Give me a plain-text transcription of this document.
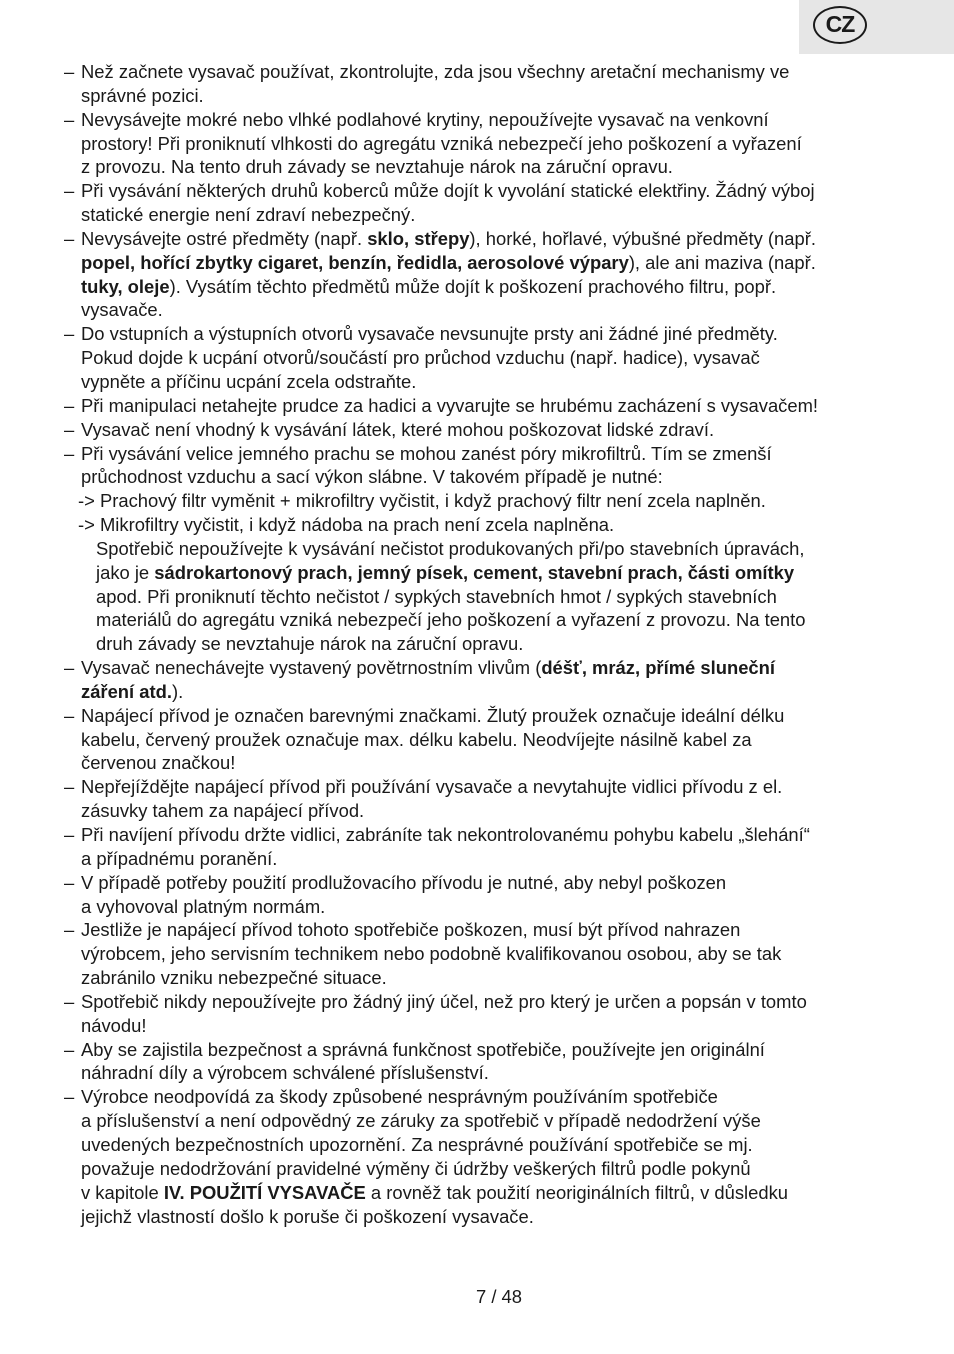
CZ
– Než začnete vysavač používat, zkontrolujte, zda jsou všechny aretační mechanismy ve
správné pozici.
– Nevysávejte mokré nebo vlhké podlahové krytiny, nepoužívejte vysavač na venkovní
prostory! Při proniknutí vlhkosti do agregátu vzniká nebezpečí jeho poškození a vyřazení
z provozu. Na tento druh závady se nevztahuje nárok na záruční opravu.
– Při vysávání některých druhů koberců může dojít k vyvolání statické elektřiny. Žádný výboj
statické energie není zdraví nebezpečný.
– Nevysávejte ostré předměty (např. sklo, střepy), horké, hořlavé, výbušné předměty (např.
popel, hořící zbytky cigaret, benzín, ředidla, aerosolové výpary), ale ani maziva (např.
tuky, oleje). Vysátím těchto předmětů může dojít k poškození prachového filtru, popř.
vysavače.
– Do vstupních a výstupních otvorů vysavače nevsunujte prsty ani žádné jiné předměty.
Pokud dojde k ucpání otvorů/součástí pro průchod vzduchu (např. hadice), vysavač
vypněte a příčinu ucpání zcela odstraňte.
– Při manipulaci netahejte prudce za hadici a vyvarujte se hrubému zacházení s vysavačem!
– Vysavač není vhodný k vysávání látek, které mohou poškozovat lidské zdraví.
– Při vysávání velice jemného prachu se mohou zanést póry mikrofiltrů. Tím se zmenší
průchodnost vzduchu a sací výkon slábne. V takovém případě je nutné:
-> Prachový filtr vyměnit + mikrofiltry vyčistit, i když prachový filtr není zcela naplněn.
-> Mikrofiltry vyčistit, i když nádoba na prach není zcela naplněna.
Spotřebič nepoužívejte k vysávání nečistot produkovaných při/po stavebních úpravách,
jako je sádrokartonový prach, jemný písek, cement, stavební prach, části omítky
apod. Při proniknutí těchto nečistot / sypkých stavebních hmot / sypkých stavebních
materiálů do agregátu vzniká nebezpečí jeho poškození a vyřazení z provozu. Na tento
druh závady se nevztahuje nárok na záruční opravu.
– Vysavač nenechávejte vystavený povětrnostním vlivům (déšť, mráz, přímé sluneční
záření atd.).
– Napájecí přívod je označen barevnými značkami. Žlutý proužek označuje ideální délku
kabelu, červený proužek označuje max. délku kabelu. Neodvíjejte násilně kabel za
červenou značkou!
– Nepřejíždějte napájecí přívod při používání vysavače a nevytahujte vidlici přívodu z el.
zásuvky tahem za napájecí přívod.
– Při navíjení přívodu držte vidlici, zabráníte tak nekontrolovanému pohybu kabelu „šlehání“
a případnému poranění.
– V případě potřeby použití prodlužovacího přívodu je nutné, aby nebyl poškozen
a vyhovoval platným normám.
– Jestliže je napájecí přívod tohoto spotřebiče poškozen, musí být přívod nahrazen
výrobcem, jeho servisním technikem nebo podobně kvalifikovanou osobou, aby se tak
zabránilo vzniku nebezpečné situace.
– Spotřebič nikdy nepoužívejte pro žádný jiný účel, než pro který je určen a popsán v tomto
návodu!
– Aby se zajistila bezpečnost a správná funkčnost spotřebiče, používejte jen originální
náhradní díly a výrobcem schválené příslušenství.
– Výrobce neodpovídá za škody způsobené nesprávným používáním spotřebiče
a příslušenství a není odpovědný ze záruky za spotřebič v případě nedodržení výše
uvedených bezpečnostních upozornění. Za nesprávné používání spotřebiče se mj.
považuje nedodržování pravidelné výměny či údržby veškerých filtrů podle pokynů
v kapitole IV. POUŽITÍ VYSAVAČE a rovněž tak použití neoriginálních filtrů, v důsledku
jejichž vlastností došlo k poruše či poškození vysavače.
7 / 48
